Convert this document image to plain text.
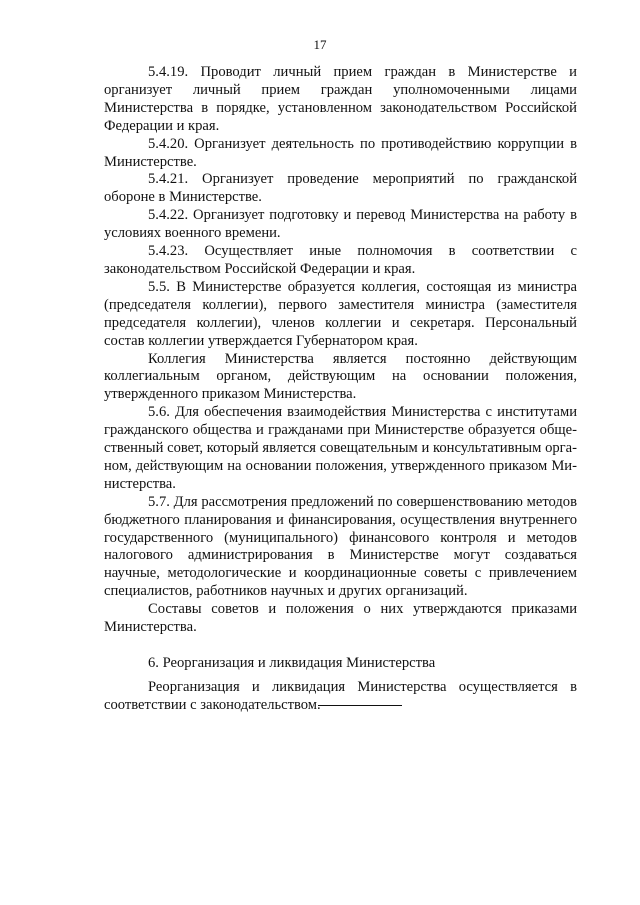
17

5.4.19. Проводит личный прием граждан в Министерстве и организует личный прием граждан уполномоченными лицами Министерства в порядке, установленном законодательством Российской Федерации и края.

5.4.20. Организует деятельность по противодействию коррупции в Министерстве.

5.4.21. Организует проведение мероприятий по гражданской обороне в Министерстве.

5.4.22. Организует подготовку и перевод Министерства на работу в условиях военного времени.

5.4.23. Осуществляет иные полномочия в соответствии с законодательством Российской Федерации и края.

5.5. В Министерстве образуется коллегия, состоящая из министра (председателя коллегии), первого заместителя министра (заместителя председателя коллегии), членов коллегии и секретаря. Персональный состав коллегии утверждается Губернатором края.

Коллегия Министерства является постоянно действующим коллегиальным органом, действующим на основании положения, утвержденного приказом Министерства.

5.6. Для обеспечения взаимодействия Министерства с институтами гражданского общества и гражданами при Министерстве образуется общественный совет, который является совещательным и консультативным органом, действующим на основании положения, утвержденного приказом Министерства.

5.7. Для рассмотрения предложений по совершенствованию методов бюджетного планирования и финансирования, осуществления внутреннего государственного (муниципального) финансового контроля и методов налогового администрирования в Министерстве могут создаваться научные, методологические и координационные советы с привлечением специалистов, работников научных и других организаций.

Составы советов и положения о них утверждаются приказами Министерства.

6. Реорганизация и ликвидация Министерства

Реорганизация и ликвидация Министерства осуществляется в соответствии с законодательством.
